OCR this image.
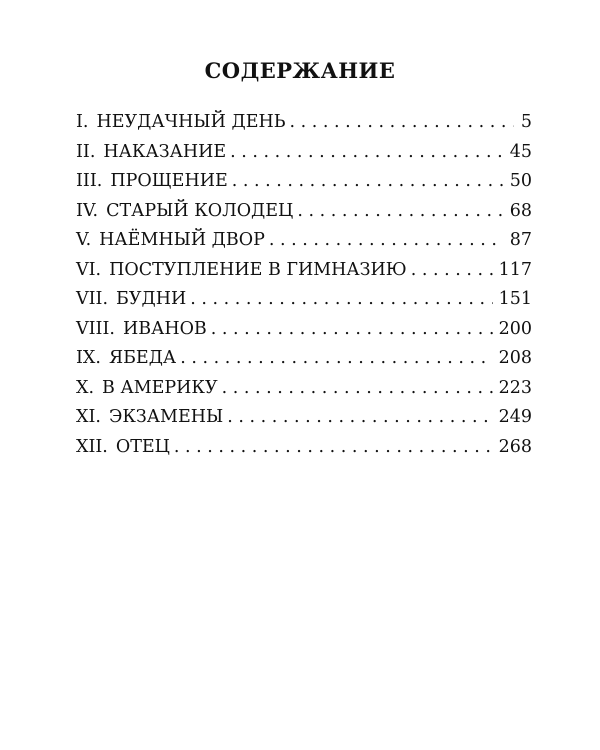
СОДЕРЖАНИЕ
I. НЕУДАЧНЫЙ ДЕНЬ . . .	5
II. НАКАЗАНИЕ . . .	45
III. ПРОЩЕНИЕ . . .	50
IV. СТАРЫЙ КОЛОДЕЦ . . .	68
V. НАЁМНЫЙ ДВОР . . .	87
VI. ПОСТУПЛЕНИЕ В ГИМНАЗИЮ . . .	117
VII. БУДНИ . . .	151
VIII. ИВАНОВ . . .	200
IX. ЯБЕДА . . .	208
X. В АМЕРИКУ . . .	223
XI. ЭКЗАМЕНЫ . . .	249
XII. ОТЕЦ . . .	268
